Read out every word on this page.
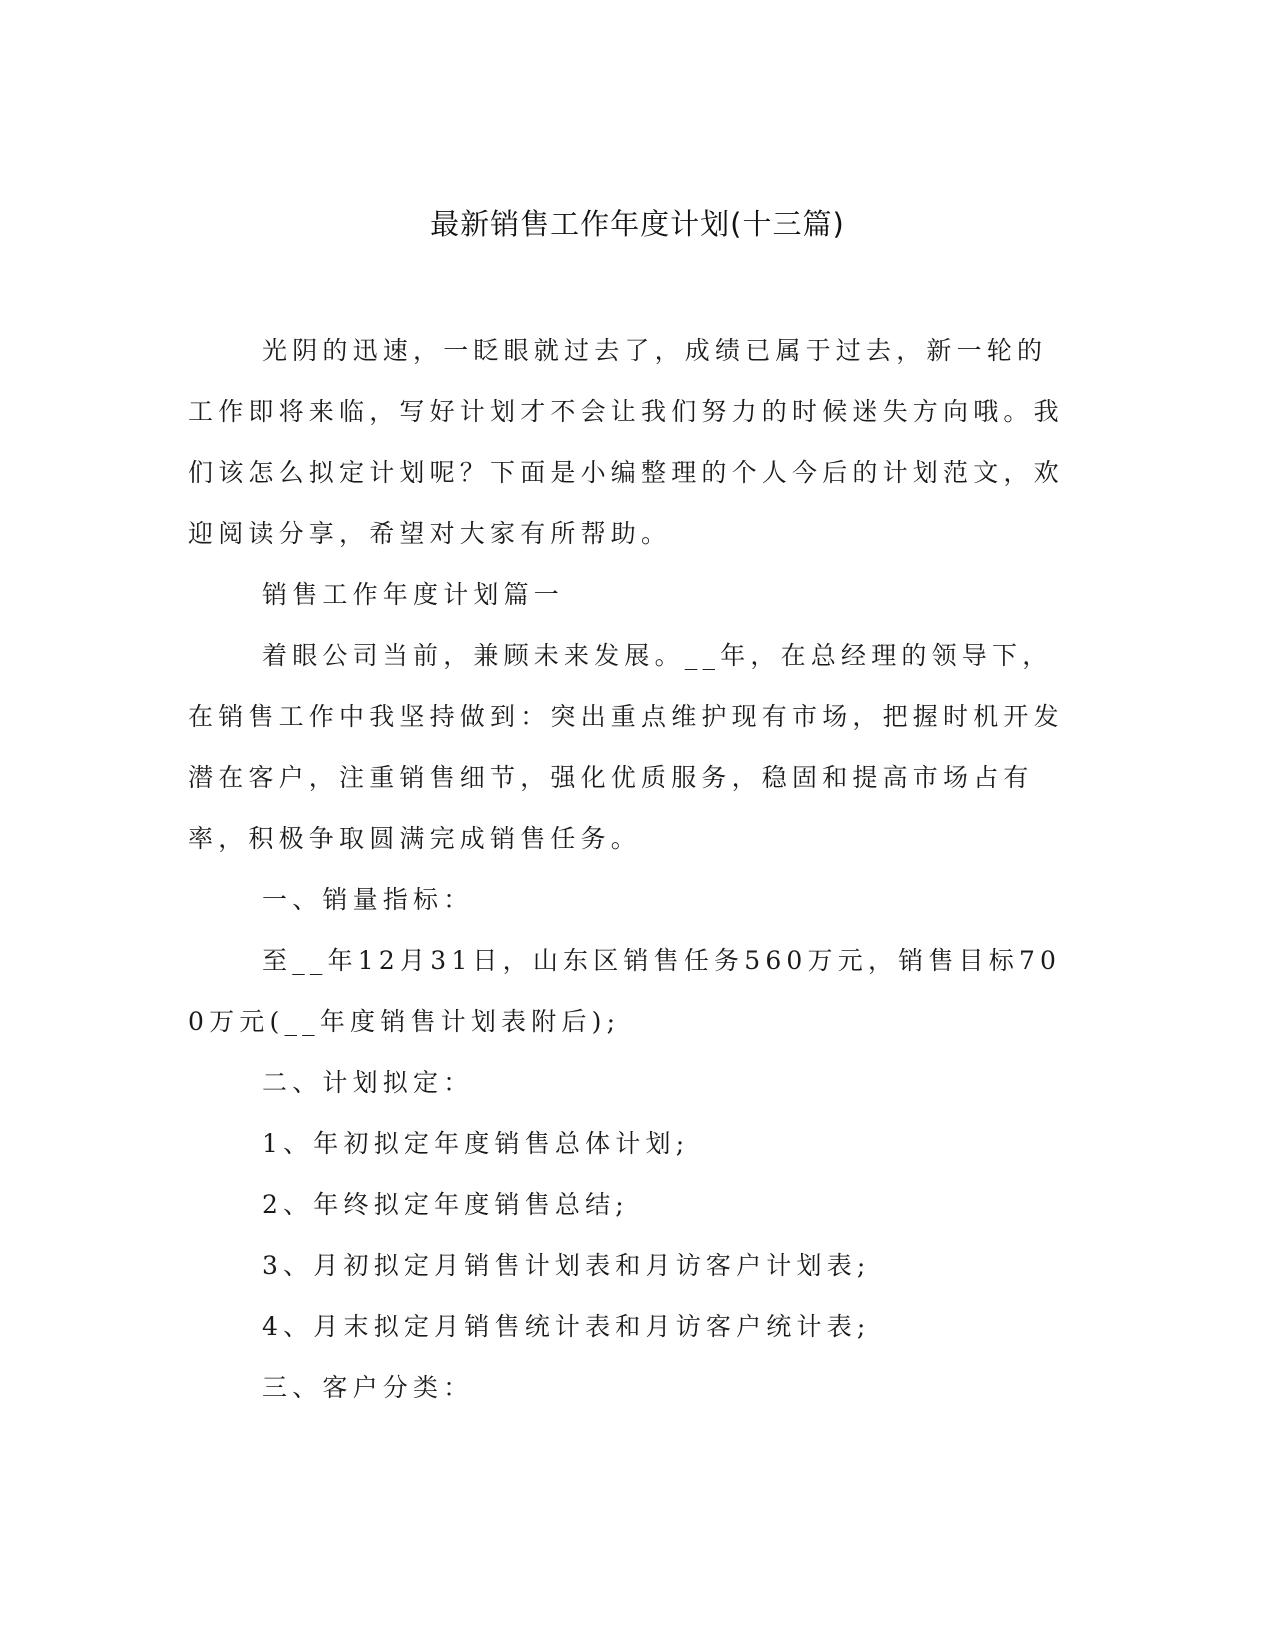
最新销售工作年度计划(十三篇)

光阴的迅速，一眨眼就过去了，成绩已属于过去，新一轮的工作即将来临，写好计划才不会让我们努力的时候迷失方向哦。我们该怎么拟定计划呢？下面是小编整理的个人今后的计划范文，欢迎阅读分享，希望对大家有所帮助。

销售工作年度计划篇一

着眼公司当前，兼顾未来发展。__年，在总经理的领导下，在销售工作中我坚持做到：突出重点维护现有市场，把握时机开发潜在客户，注重销售细节，强化优质服务，稳固和提高市场占有率，积极争取圆满完成销售任务。

一、销量指标：

至__年12月31日，山东区销售任务560万元，销售目标700万元(__年度销售计划表附后);

二、计划拟定：

1、年初拟定年度销售总体计划;

2、年终拟定年度销售总结;

3、月初拟定月销售计划表和月访客户计划表;

4、月末拟定月销售统计表和月访客户统计表;

三、客户分类：
